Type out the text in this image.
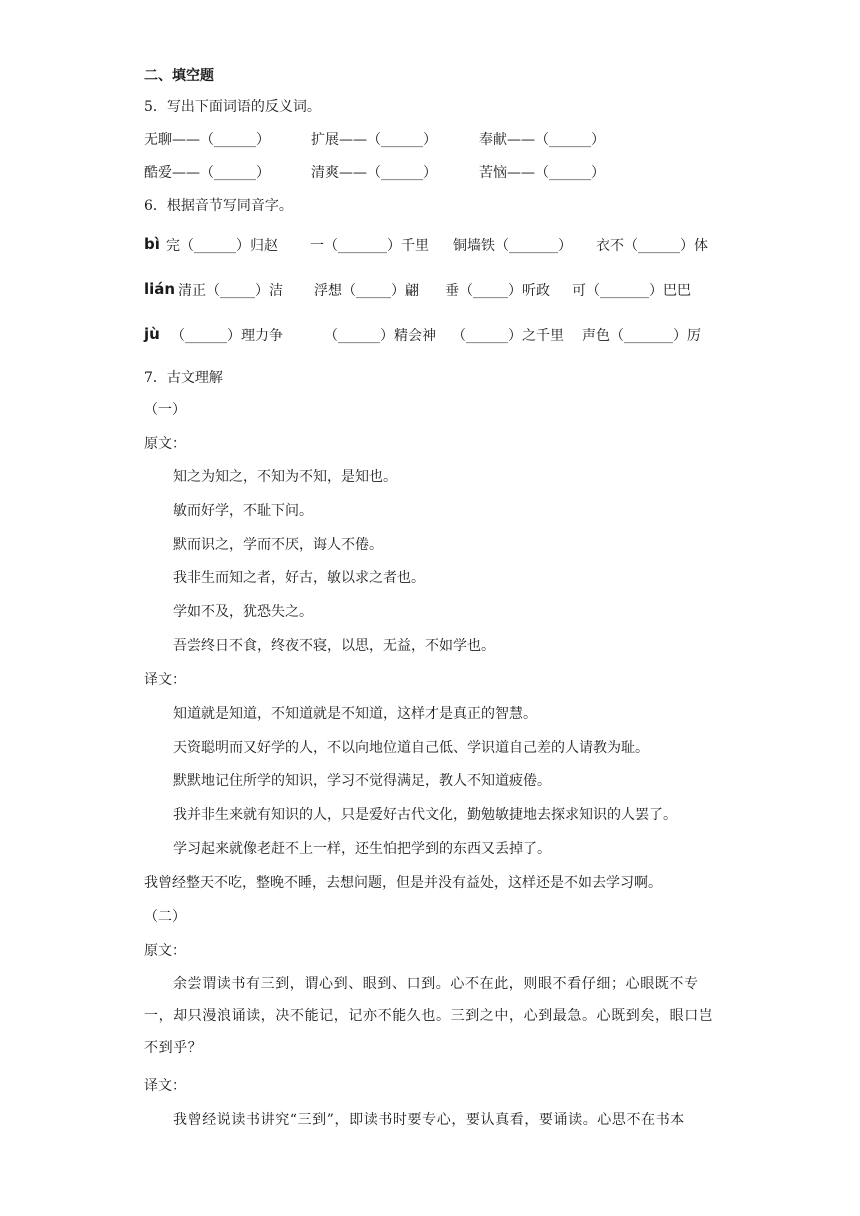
二、填空题
5．写出下面词语的反义词。
无聊——（______）	扩展——（______）	奉献——（______）
酷爱——（______）	清爽——（______）	苦恼——（______）
6．根据音节写同音字。
bì 完（______）归赵 一（_______）千里 铜墙铁（_______） 衣不（______）体
lián 清正（_____）洁 浮想（_____）翩 垂（_____）听政 可（_______）巴巴
jù （______）理力争	（______）精会神 （______）之千里 声色（_______）厉
7．古文理解
（一）
原文：
知之为知之，不知为不知，是知也。
敏而好学，不耻下问。
默而识之，学而不厌，诲人不倦。
我非生而知之者，好古，敏以求之者也。
学如不及，犹恐失之。
吾尝终日不食，终夜不寝，以思，无益，不如学也。
译文：
知道就是知道，不知道就是不知道，这样才是真正的智慧。
天资聪明而又好学的人，不以向地位道自己低、学识道自己差的人请教为耻。
默默地记住所学的知识，学习不觉得满足，教人不知道疲倦。
我并非生来就有知识的人，只是爱好古代文化，勤勉敏捷地去探求知识的人罢了。
学习起来就像老赶不上一样，还生怕把学到的东西又丢掉了。
我曾经整天不吃，整晚不睡，去想问题，但是并没有益处，这样还是不如去学习啊。
（二）
原文：
余尝谓读书有三到，谓心到、眼到、口到。心不在此，则眼不看仔细；心眼既不专一，却只漫浪诵读，决不能记，记亦不能久也。三到之中，心到最急。心既到矣，眼口岂不到乎？
译文：
我曾经说读书讲究“三到”，即读书时要专心，要认真看，要诵读。心思不在书本
